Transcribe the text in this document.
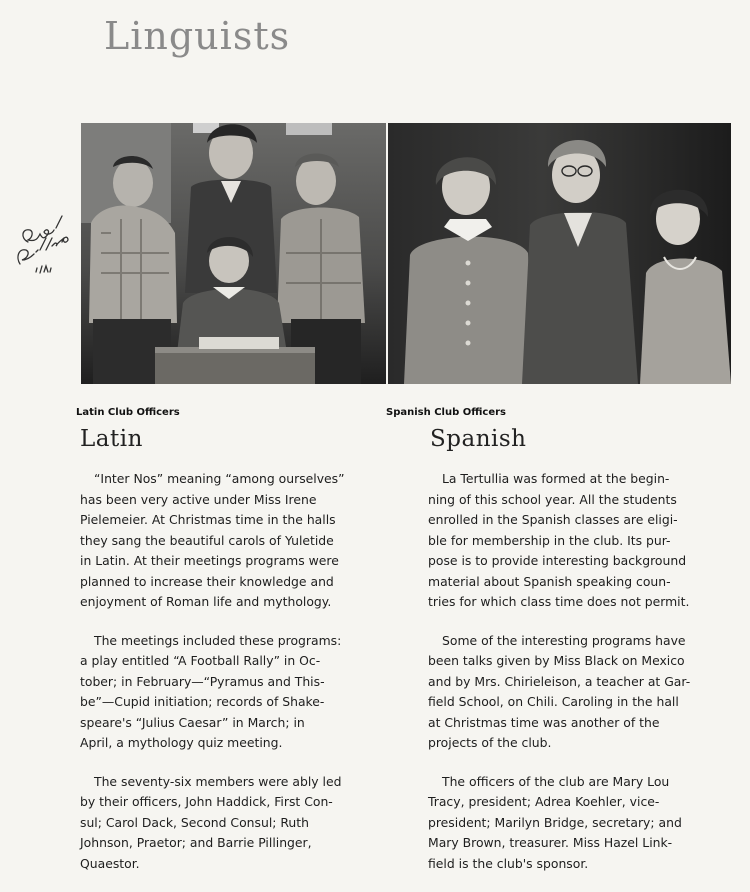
Linguists
Latin Club Officers	Spanish Club Officers
Latin	Spanish
“Inter Nos” meaning “among ourselves”
has been very active under Miss Irene
Pielemeier. At Christmas time in the halls
they sang the beautiful carols of Yuletide
in Latin. At their meetings programs were
planned to increase their knowledge and
enjoyment of Roman life and mythology.
The meetings included these programs:
a play entitled “A Football Rally” in Oc-
tober; in February—“Pyramus and This-
be”—Cupid initiation; records of Shake-
speare's “Julius Caesar” in March; in
April, a mythology quiz meeting.
The seventy-six members were ably led
by their officers, John Haddick, First Con-
sul; Carol Dack, Second Consul; Ruth
Johnson, Praetor; and Barrie Pillinger,
Quaestor.
La Tertullia was formed at the begin-
ning of this school year. All the students
enrolled in the Spanish classes are eligi-
ble for membership in the club. Its pur-
pose is to provide interesting background
material about Spanish speaking coun-
tries for which class time does not permit.
Some of the interesting programs have
been talks given by Miss Black on Mexico
and by Mrs. Chirieleison, a teacher at Gar-
field School, on Chili. Caroling in the hall
at Christmas time was another of the
projects of the club.
The officers of the club are Mary Lou
Tracy, president; Adrea Koehler, vice-
president; Marilyn Bridge, secretary; and
Mary Brown, treasurer. Miss Hazel Link-
field is the club's sponsor.
